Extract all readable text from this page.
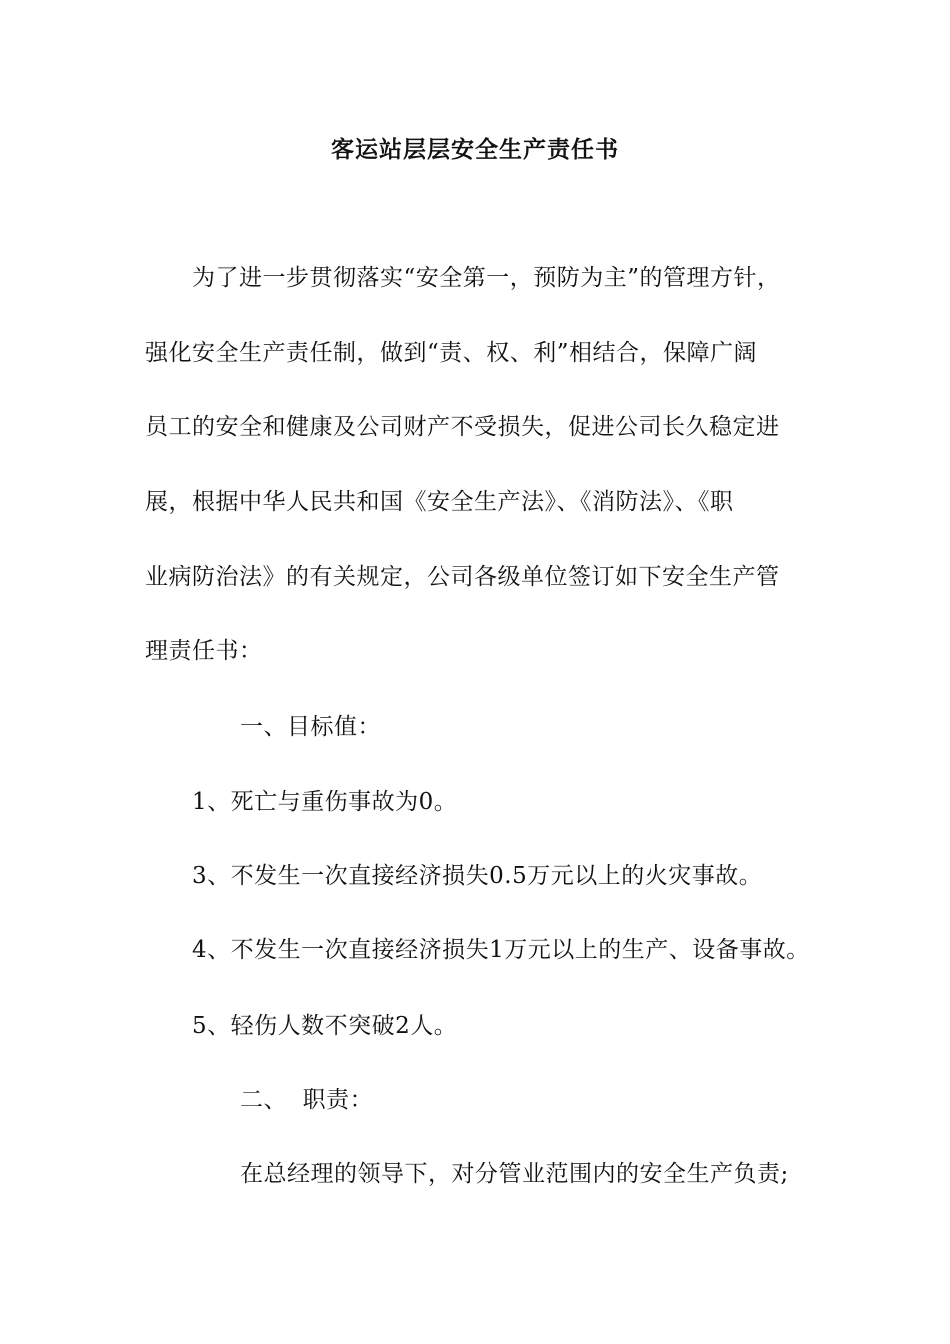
客运站层层安全生产责任书
为了进一步贯彻落实“安全第一，预防为主”的管理方针，
强化安全生产责任制，做到“责、权、利”相结合，保障广阔
员工的安全和健康及公司财产不受损失，促进公司长久稳定进
展，根据中华人民共和国《安全生产法》、《消防法》、《职
业病防治法》的有关规定，公司各级单位签订如下安全生产管
理责任书：
一、目标值：
1、死亡与重伤事故为0。
3、不发生一次直接经济损失0.5万元以上的火灾事故。
4、不发生一次直接经济损失1万元以上的生产、设备事故。
5、轻伤人数不突破2人。
二、  职责：
在总经理的领导下，对分管业范围内的安全生产负责;
